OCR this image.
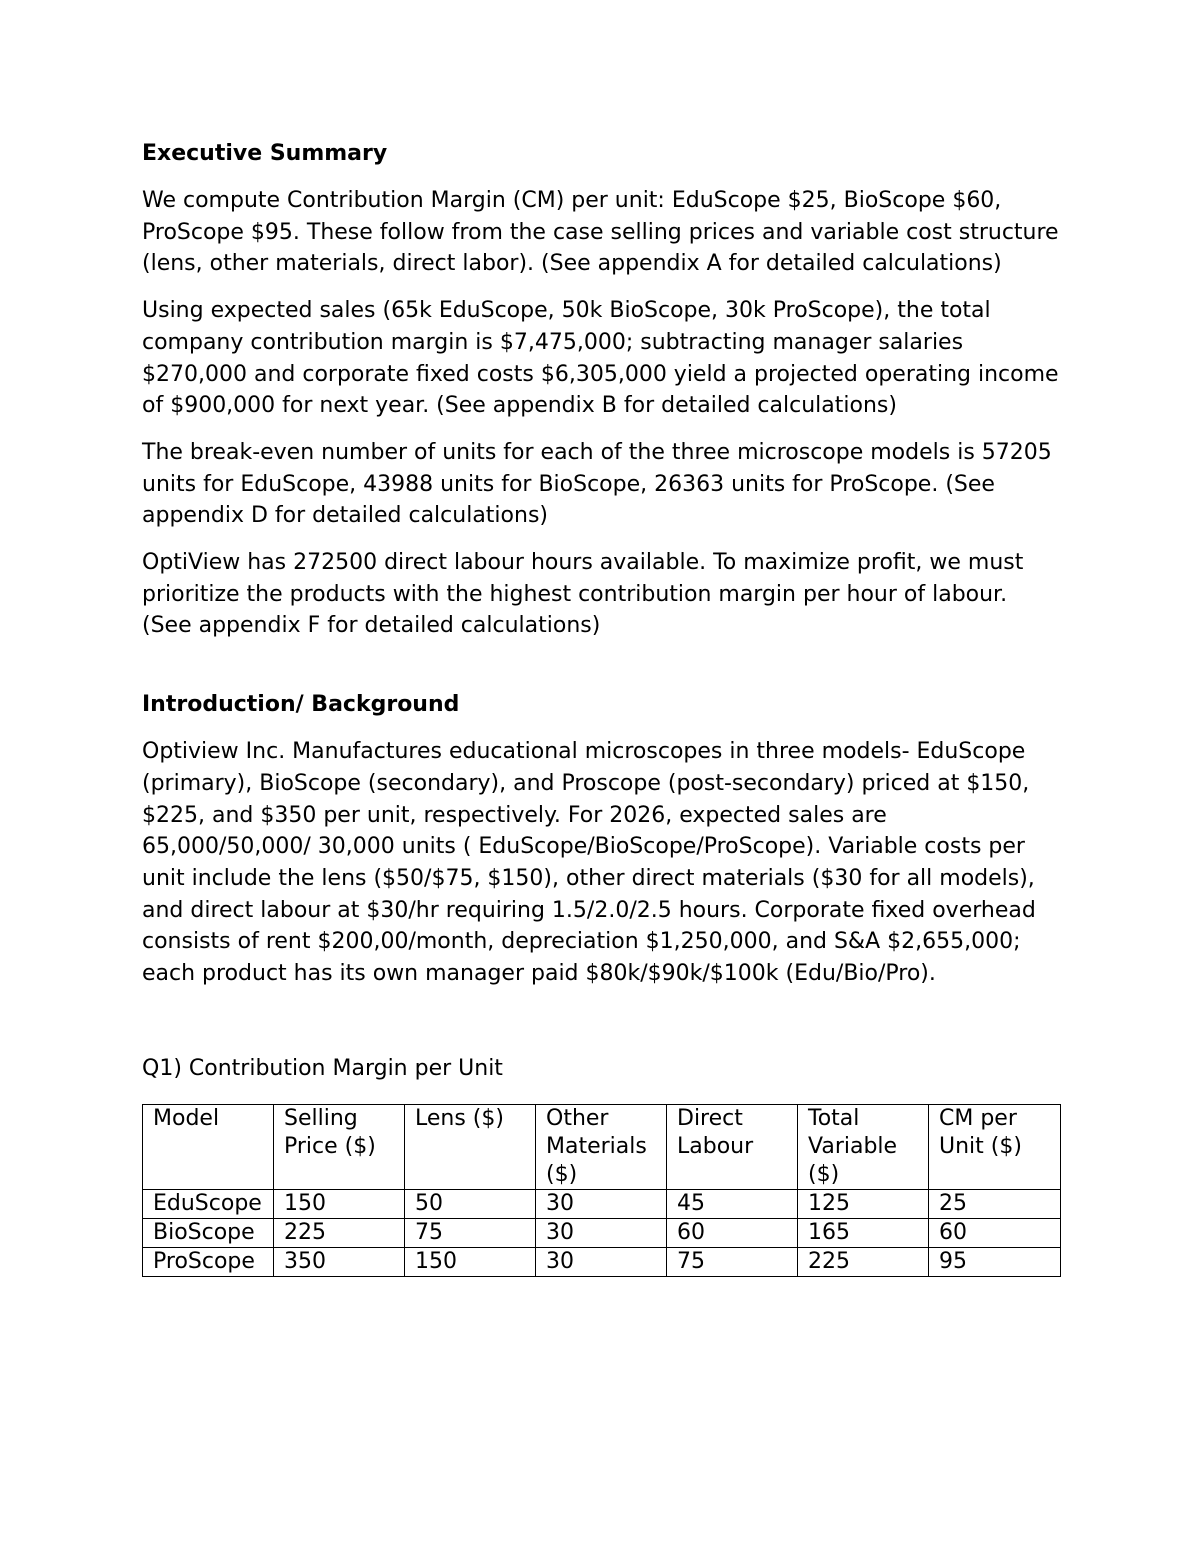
Executive Summary

We compute Contribution Margin (CM) per unit: EduScope $25, BioScope $60, ProScope $95. These follow from the case selling prices and variable cost structure (lens, other materials, direct labor). (See appendix A for detailed calculations)

Using expected sales (65k EduScope, 50k BioScope, 30k ProScope), the total company contribution margin is $7,475,000; subtracting manager salaries $270,000 and corporate fixed costs $6,305,000 yield a projected operating income of $900,000 for next year. (See appendix B for detailed calculations)

The break-even number of units for each of the three microscope models is 57205 units for EduScope, 43988 units for BioScope, 26363 units for ProScope. (See appendix D for detailed calculations)

OptiView has 272500 direct labour hours available. To maximize profit, we must prioritize the products with the highest contribution margin per hour of labour. (See appendix F for detailed calculations)

Introduction/ Background

Optiview Inc. Manufactures educational microscopes in three models- EduScope (primary), BioScope (secondary), and Proscope (post-secondary) priced at $150, $225, and $350 per unit, respectively. For 2026, expected sales are 65,000/50,000/ 30,000 units ( EduScope/BioScope/ProScope). Variable costs per unit include the lens ($50/$75, $150), other direct materials ($30 for all models), and direct labour at $30/hr requiring 1.5/2.0/2.5 hours. Corporate fixed overhead consists of rent $200,00/month, depreciation $1,250,000, and S&A $2,655,000; each product has its own manager paid $80k/$90k/$100k (Edu/Bio/Pro).

Q1) Contribution Margin per Unit
Model	Selling Price ($)	Lens ($)	Other Materials ($)	Direct Labour	Total Variable ($)	CM per Unit ($)
EduScope	150	50	30	45	125	25
BioScope	225	75	30	60	165	60
ProScope	350	150	30	75	225	95
